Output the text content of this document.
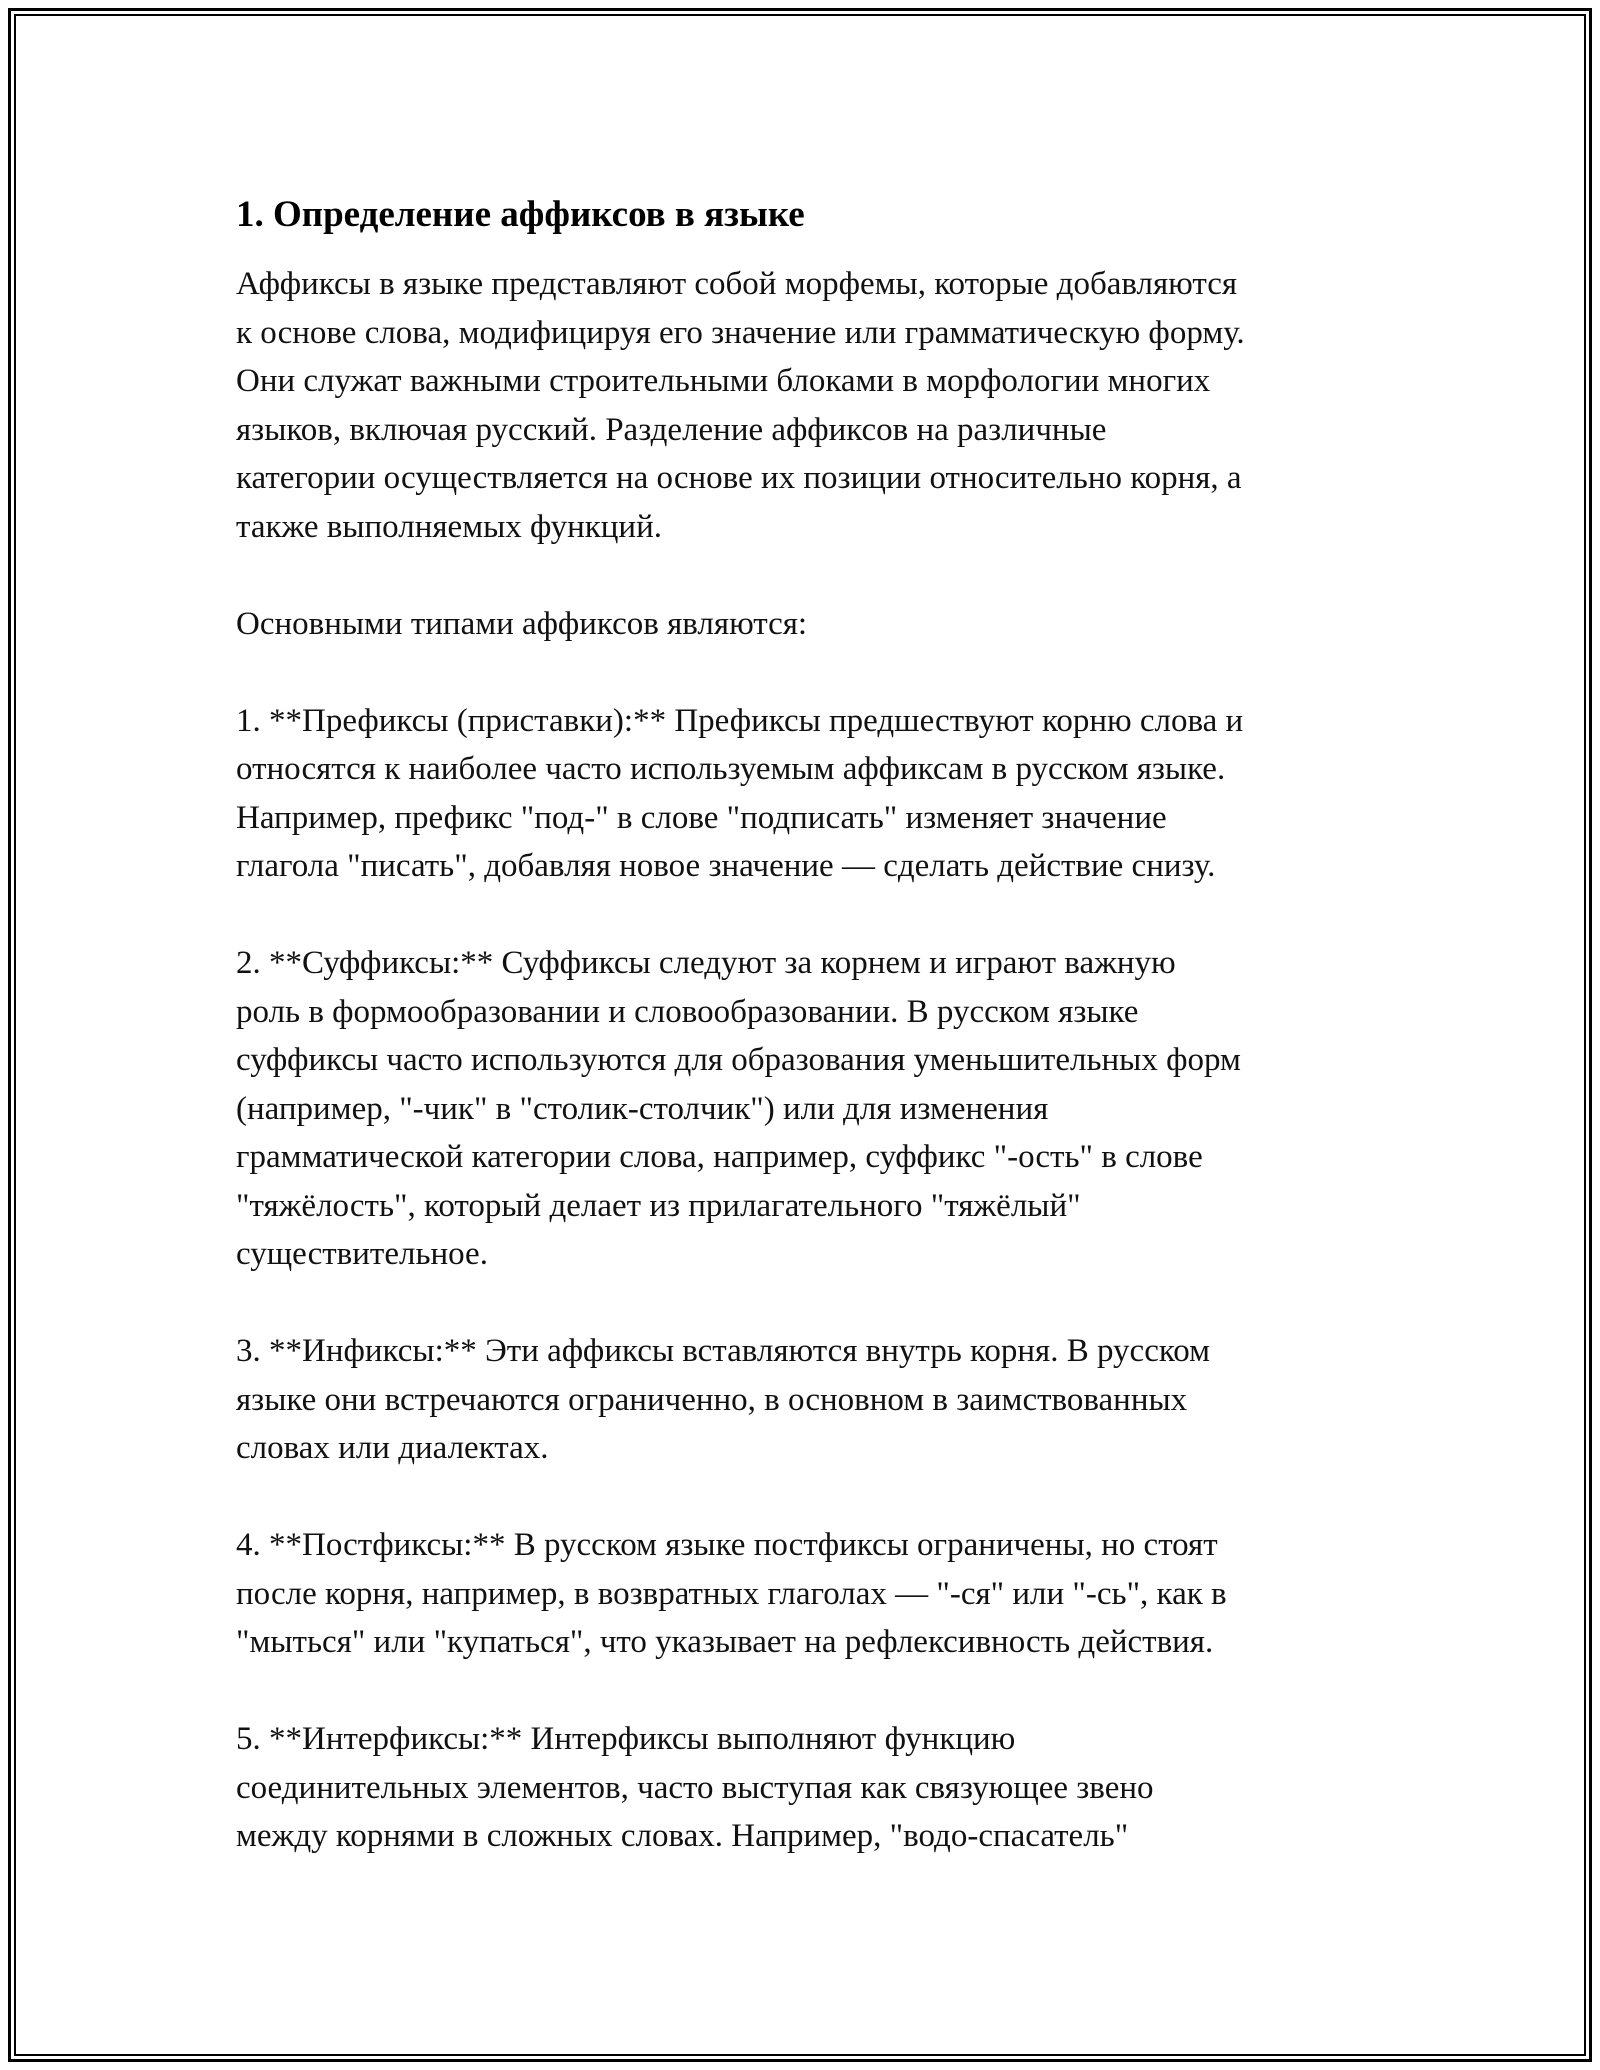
1. Определение аффиксов в языке

Аффиксы в языке представляют собой морфемы, которые добавляются
к основе слова, модифицируя его значение или грамматическую форму.
Они служат важными строительными блоками в морфологии многих
языков, включая русский. Разделение аффиксов на различные
категории осуществляется на основе их позиции относительно корня, а
также выполняемых функций.

Основными типами аффиксов являются:

1. **Префиксы (приставки):** Префиксы предшествуют корню слова и
относятся к наиболее часто используемым аффиксам в русском языке.
Например, префикс "под-" в слове "подписать" изменяет значение
глагола "писать", добавляя новое значение — сделать действие снизу.

2. **Суффиксы:** Суффиксы следуют за корнем и играют важную
роль в формообразовании и словообразовании. В русском языке
суффиксы часто используются для образования уменьшительных форм
(например, "-чик" в "столик-столчик") или для изменения
грамматической категории слова, например, суффикс "-ость" в слове
"тяжёлость", который делает из прилагательного "тяжёлый"
существительное.

3. **Инфиксы:** Эти аффиксы вставляются внутрь корня. В русском
языке они встречаются ограниченно, в основном в заимствованных
словах или диалектах.

4. **Постфиксы:** В русском языке постфиксы ограничены, но стоят
после корня, например, в возвратных глаголах — "-ся" или "-сь", как в
"мыться" или "купаться", что указывает на рефлексивность действия.

5. **Интерфиксы:** Интерфиксы выполняют функцию
соединительных элементов, часто выступая как связующее звено
между корнями в сложных словах. Например, "водо-спасатель"
